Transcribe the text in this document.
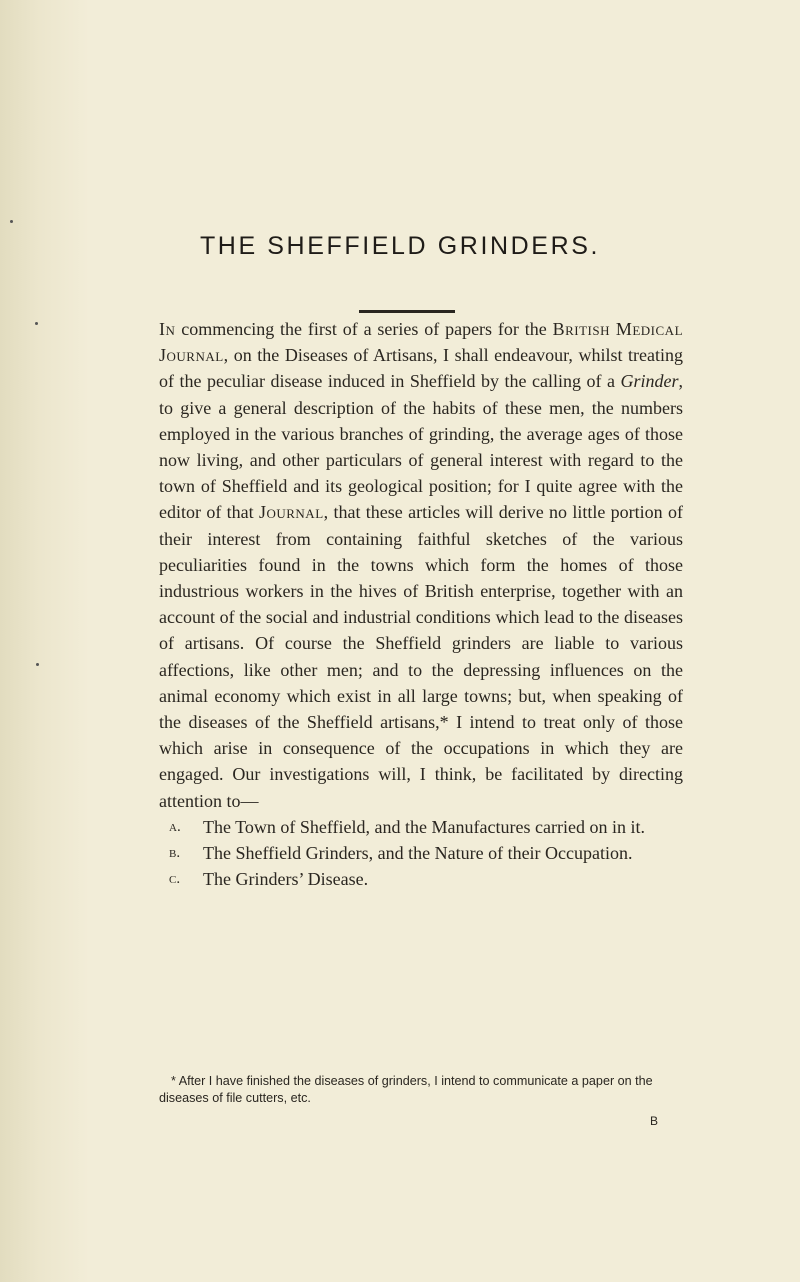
THE SHEFFIELD GRINDERS.

In commencing the first of a series of papers for the British Medical Journal, on the Diseases of Artisans, I shall endeavour, whilst treating of the peculiar disease induced in Sheffield by the calling of a Grinder, to give a general description of the habits of these men, the numbers employed in the various branches of grinding, the average ages of those now living, and other particulars of general interest with regard to the town of Sheffield and its geological position; for I quite agree with the editor of that Journal, that these articles will derive no little portion of their interest from containing faithful sketches of the various peculiarities found in the towns which form the homes of those industrious workers in the hives of British enterprise, together with an account of the social and industrial conditions which lead to the diseases of artisans. Of course the Sheffield grinders are liable to various affections, like other men; and to the depressing influences on the animal economy which exist in all large towns; but, when speaking of the diseases of the Sheffield artisans,* I intend to treat only of those which arise in consequence of the occupations in which they are engaged. Our investigations will, I think, be facilitated by directing attention to—

a. The Town of Sheffield, and the Manufactures carried on in it.
b. The Sheffield Grinders, and the Nature of their Occupation.
c. The Grinders’ Disease.

* After I have finished the diseases of grinders, I intend to communicate a paper on the diseases of file cutters, etc.

B
